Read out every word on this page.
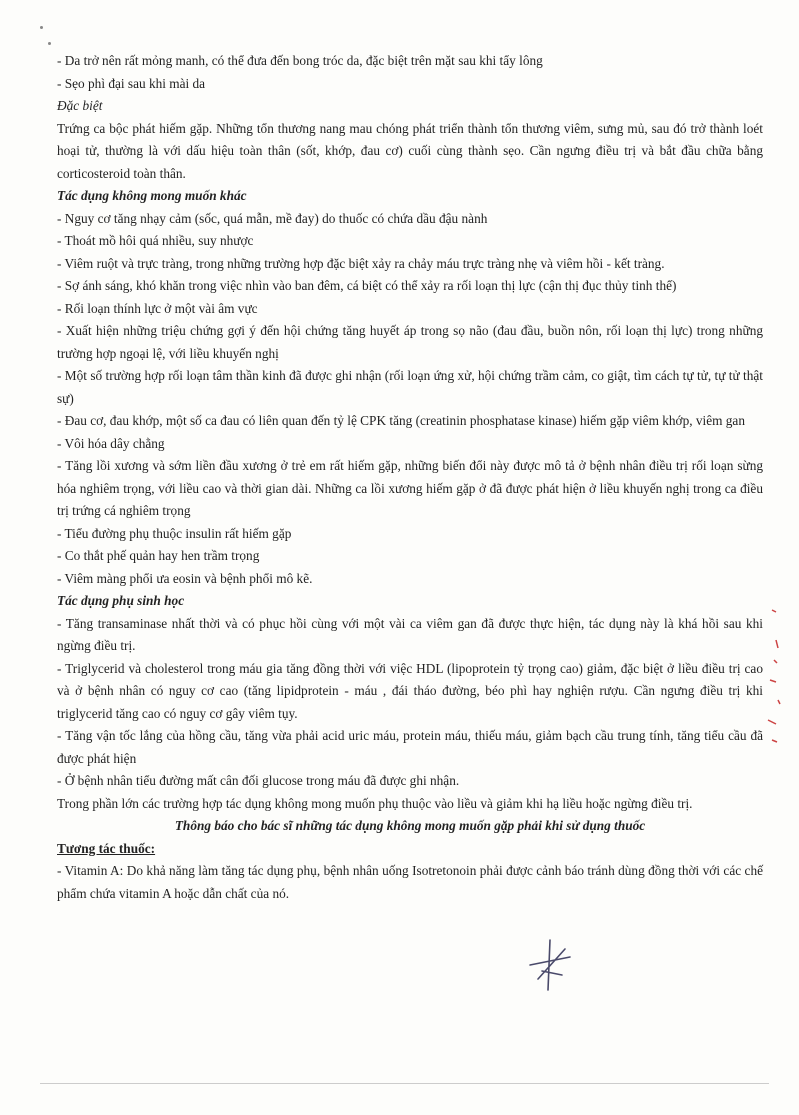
- Da trở nên rất mỏng manh, có thể đưa đến bong tróc da, đặc biệt trên mặt sau khi tẩy lông

- Sẹo phì đại sau khi mài da

Đặc biệt

Trứng ca bộc phát hiếm gặp. Những tổn thương nang mau chóng phát triển thành tổn thương viêm, sưng mủ, sau đó trở thành loét hoại tử, thường là với dấu hiệu toàn thân (sốt, khớp, đau cơ) cuối cùng thành sẹo. Cần ngưng điều trị và bắt đầu chữa bằng corticosteroid toàn thân.

Tác dụng không mong muốn khác

- Nguy cơ tăng nhạy cảm (sốc, quá mẫn, mề đay) do thuốc có chứa dầu đậu nành

- Thoát mồ hôi quá nhiều, suy nhược

- Viêm ruột và trực tràng, trong những trường hợp đặc biệt xảy ra chảy máu trực tràng nhẹ và viêm hồi - kết tràng.

- Sợ ánh sáng, khó khăn trong việc nhìn vào ban đêm, cá biệt có thể xảy ra rối loạn thị lực (cận thị đục thủy tinh thể)

- Rối loạn thính lực ở một vài âm vực

- Xuất hiện những triệu chứng gợi ý đến hội chứng tăng huyết áp trong sọ não (đau đầu, buồn nôn, rối loạn thị lực) trong những trường hợp ngoại lệ, với liều khuyến nghị

- Một số trường hợp rối loạn tâm thần kinh đã được ghi nhận (rối loạn ứng xử, hội chứng trầm cảm, co giật, tìm cách tự tử, tự tử thật sự)

- Đau cơ, đau khớp, một số ca đau có liên quan đến tỷ lệ CPK tăng (creatinin phosphatase kinase) hiếm gặp viêm khớp, viêm gan

- Vôi hóa dây chằng

- Tăng lồi xương và sớm liền đầu xương ở trẻ em rất hiếm gặp, những biến đổi này được mô tả ở bệnh nhân điều trị rối loạn sừng hóa nghiêm trọng, với liều cao và thời gian dài. Những ca lồi xương hiếm gặp ở đã được phát hiện ở liều khuyến nghị trong ca điều trị trứng cá nghiêm trọng

- Tiểu đường phụ thuộc insulin rất hiếm gặp

- Co thắt phế quản hay hen trầm trọng

- Viêm màng phổi ưa eosin và bệnh phổi mô kẽ.

Tác dụng phụ sinh học

- Tăng transaminase nhất thời và có phục hồi cùng với một vài ca viêm gan đã được thực hiện, tác dụng này là khá hồi sau khi ngừng điều trị.

- Triglycerid và cholesterol trong máu gia tăng đồng thời với việc HDL (lipoprotein tỷ trọng cao) giảm, đặc biệt ở liều điều trị cao và ở bệnh nhân có nguy cơ cao (tăng lipidprotein - máu , đái tháo đường, béo phì hay nghiện rượu. Cần ngưng điều trị khi triglycerid tăng cao có nguy cơ gây viêm tụy.

- Tăng vận tốc lắng của hồng cầu, tăng vừa phải acid uric máu, protein máu, thiếu máu, giảm bạch cầu trung tính, tăng tiểu cầu đã được phát hiện

- Ở bệnh nhân tiểu đường mất cân đối glucose trong máu đã được ghi nhận.

Trong phần lớn các trường hợp tác dụng không mong muốn phụ thuộc vào liều và giảm khi hạ liều hoặc ngừng điều trị.

Thông báo cho bác sĩ những tác dụng không mong muốn gặp phải khi sử dụng thuốc

Tương tác thuốc:

- Vitamin A: Do khả năng làm tăng tác dụng phụ, bệnh nhân uống Isotretonoin phải được cảnh báo tránh dùng đồng thời với các chế phẩm chứa vitamin A hoặc dẫn chất của nó.
